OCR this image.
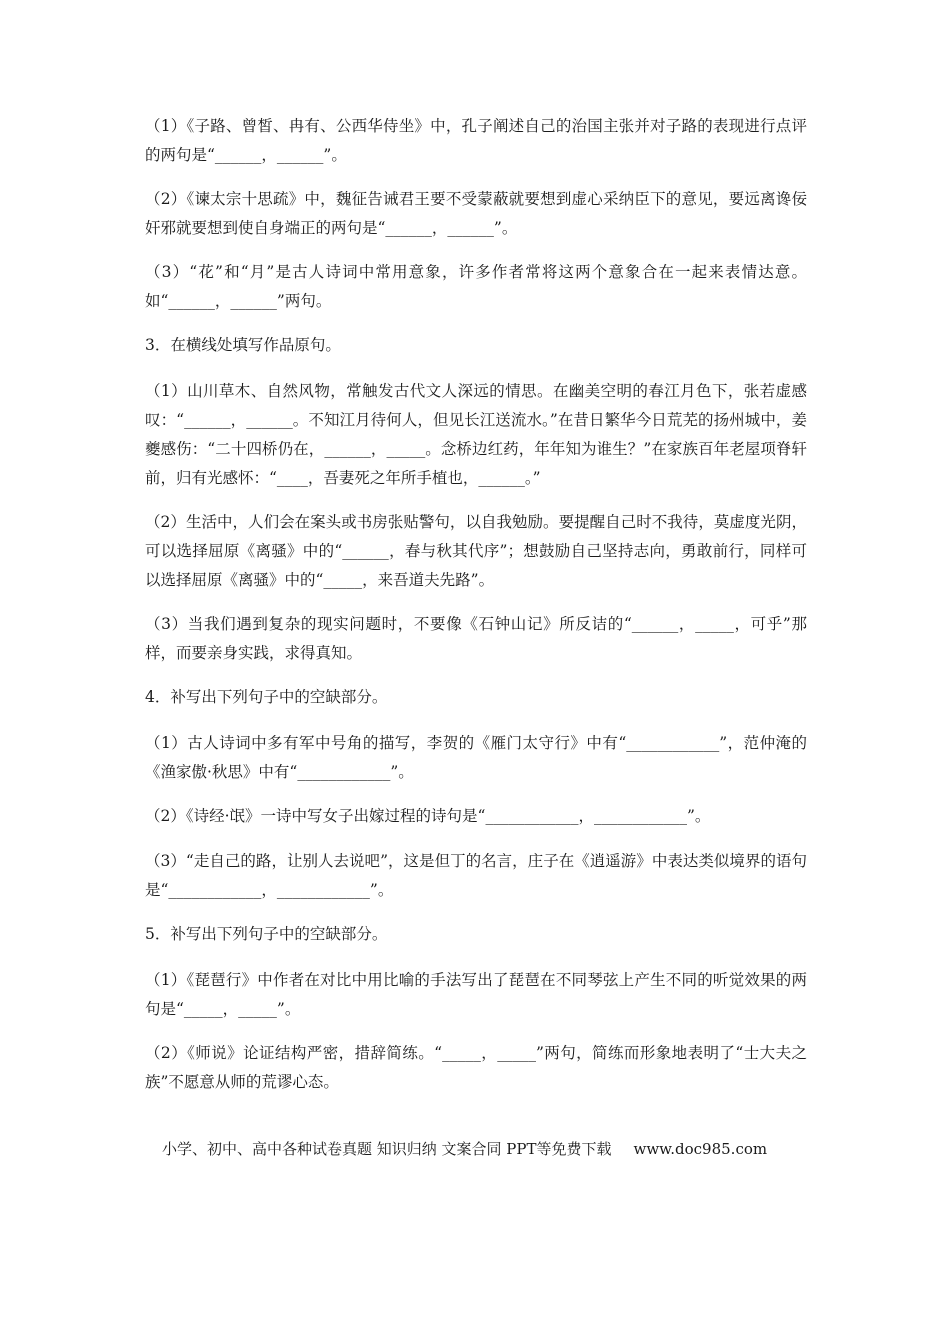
（1）《子路、曾皙、冉有、公西华侍坐》中，孔子阐述自己的治国主张并对子路的表现进行点评的两句是“______，______”。

（2）《谏太宗十思疏》中，魏征告诫君王要不受蒙蔽就要想到虚心采纳臣下的意见，要远离谗佞奸邪就要想到使自身端正的两句是“______，______”。

（3）“花”和“月”是古人诗词中常用意象，许多作者常将这两个意象合在一起来表情达意。如“______，______”两句。

3．在横线处填写作品原句。

（1）山川草木、自然风物，常触发古代文人深远的情思。在幽美空明的春江月色下，张若虚感叹：“______，______。不知江月待何人，但见长江送流水。”在昔日繁华今日荒芜的扬州城中，姜夔感伤：“二十四桥仍在，______，_____。念桥边红药，年年知为谁生？”在家族百年老屋项脊轩前，归有光感怀：“____，吾妻死之年所手植也，______。”

（2）生活中，人们会在案头或书房张贴警句，以自我勉励。要提醒自己时不我待，莫虚度光阴，可以选择屈原《离骚》中的“______，春与秋其代序”；想鼓励自己坚持志向，勇敢前行，同样可以选择屈原《离骚》中的“_____，来吾道夫先路”。

（3）当我们遇到复杂的现实问题时，不要像《石钟山记》所反诘的“______，_____，可乎”那样，而要亲身实践，求得真知。

4．补写出下列句子中的空缺部分。

（1）古人诗词中多有军中号角的描写，李贺的《雁门太守行》中有“____________”，范仲淹的《渔家傲·秋思》中有“____________”。

（2）《诗经·氓》一诗中写女子出嫁过程的诗句是“____________，____________”。

（3）“走自己的路，让别人去说吧”，这是但丁的名言，庄子在《逍遥游》中表达类似境界的语句是“____________，____________”。

5．补写出下列句子中的空缺部分。

（1）《琵琶行》中作者在对比中用比喻的手法写出了琵琶在不同琴弦上产生不同的听觉效果的两句是“_____，_____”。

（2）《师说》论证结构严密，措辞简练。“_____，_____”两句，简练而形象地表明了“士大夫之族”不愿意从师的荒谬心态。

小学、初中、高中各种试卷真题 知识归纳 文案合同 PPT等免费下载 www.doc985.com
